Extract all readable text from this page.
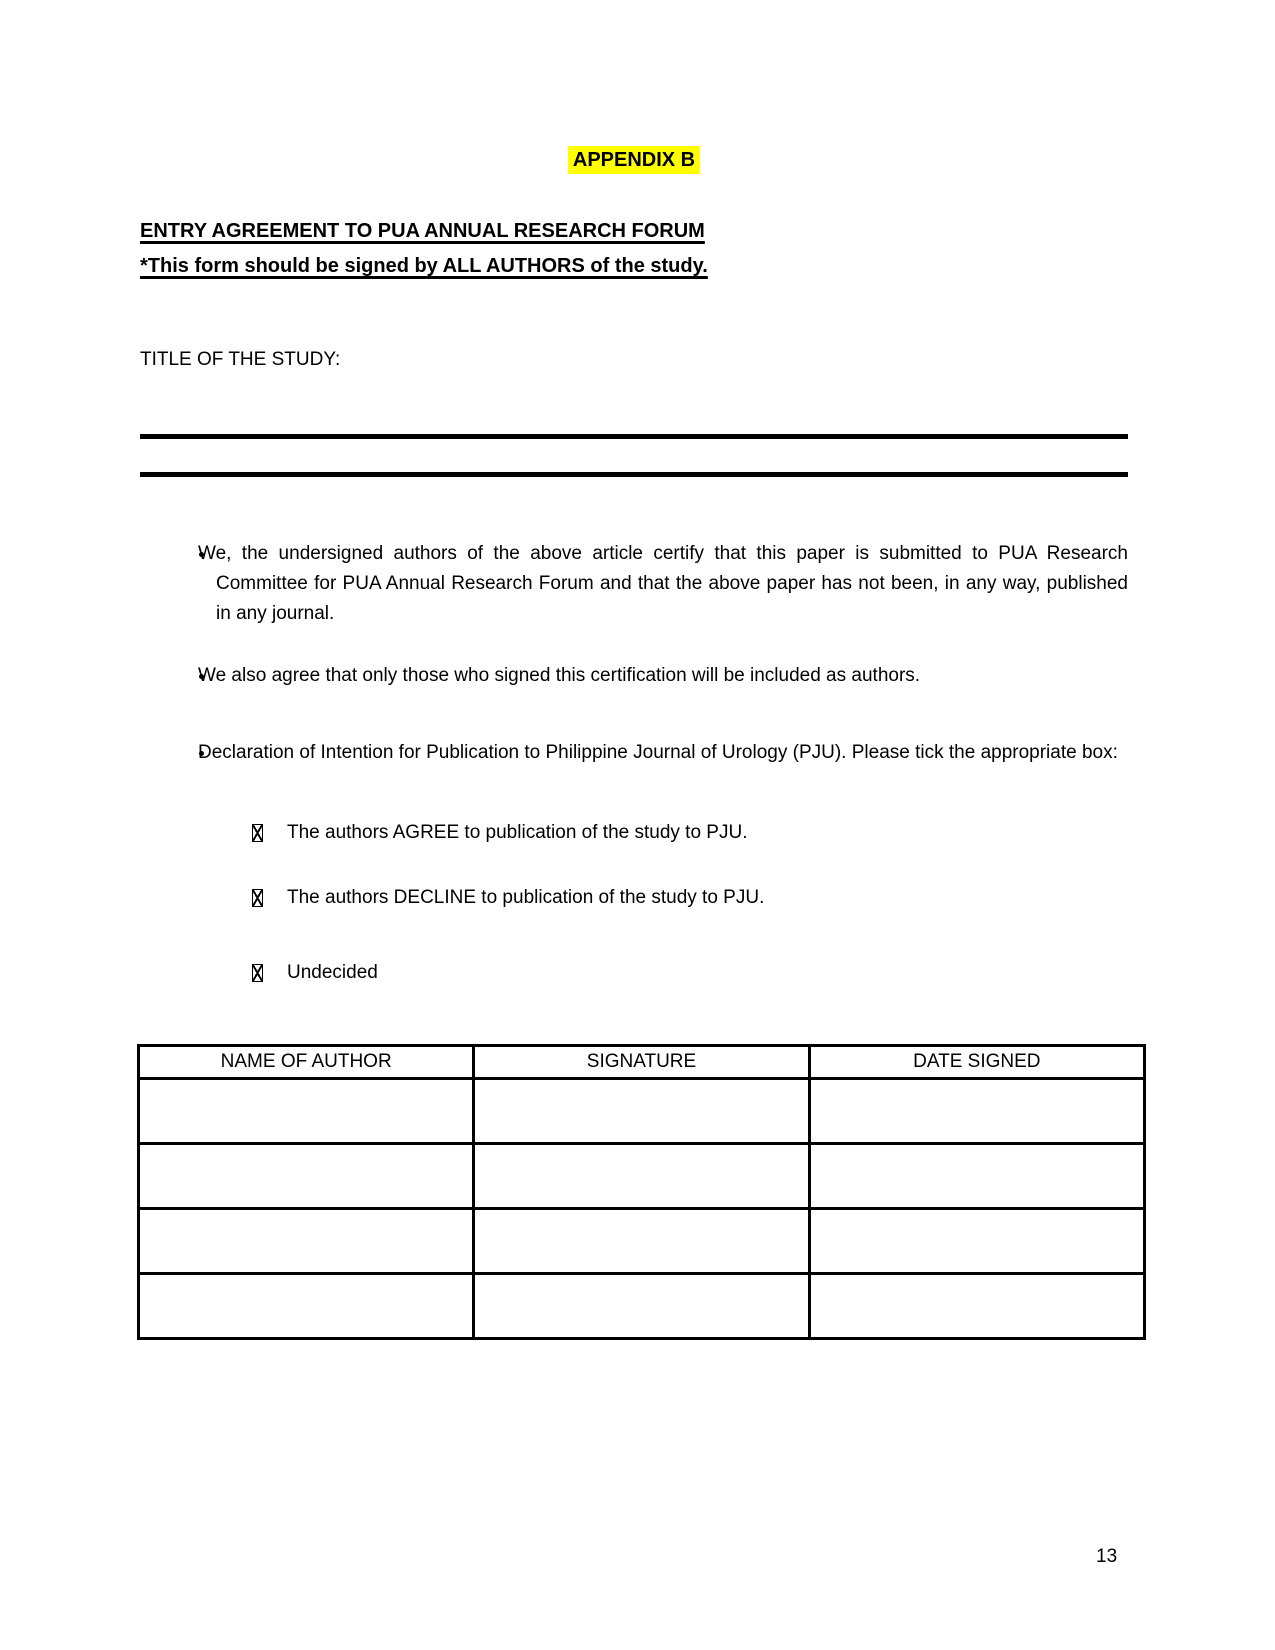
APPENDIX B
ENTRY AGREEMENT TO PUA ANNUAL RESEARCH FORUM
*This form should be signed by ALL AUTHORS of the study.
TITLE OF THE STUDY:
• We, the undersigned authors of the above article certify that this paper is submitted to PUA Research Committee for PUA Annual Research Forum and that the above paper has not been, in any way, published in any journal.
• We also agree that only those who signed this certification will be included as authors.
• Declaration of Intention for Publication to Philippine Journal of Urology (PJU). Please tick the appropriate box:
The authors AGREE to publication of the study to PJU.
The authors DECLINE to publication of the study to PJU.
Undecided
NAME OF AUTHOR	SIGNATURE	DATE SIGNED

13
